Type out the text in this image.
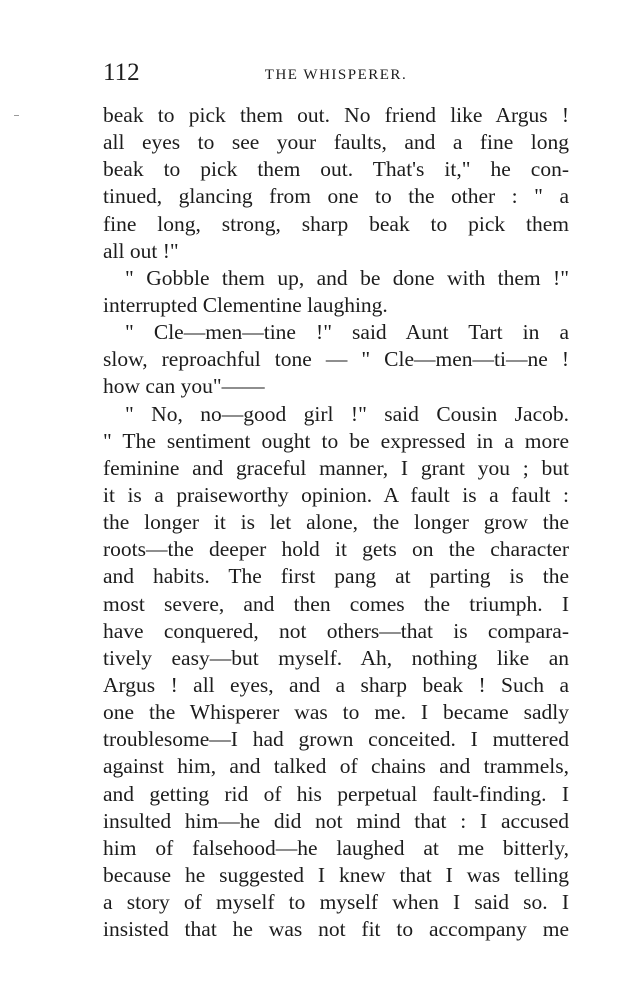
112	THE WHISPERER.
beak to pick them out. No friend like Argus !
all eyes to see your faults, and a fine long
beak to pick them out. That's it," he con-
tinued, glancing from one to the other : " a
fine long, strong, sharp beak to pick them
all out !"
" Gobble them up, and be done with them !"
interrupted Clementine laughing.
" Cle—men—tine !" said Aunt Tart in a
slow, reproachful tone — " Cle—men—ti—ne !
how can you"——
" No, no—good girl !" said Cousin Jacob.
" The sentiment ought to be expressed in a more
feminine and graceful manner, I grant you ; but
it is a praiseworthy opinion. A fault is a fault :
the longer it is let alone, the longer grow the
roots—the deeper hold it gets on the character
and habits. The first pang at parting is the
most severe, and then comes the triumph. I
have conquered, not others—that is compara-
tively easy—but myself. Ah, nothing like an
Argus ! all eyes, and a sharp beak ! Such a
one the Whisperer was to me. I became sadly
troublesome—I had grown conceited. I muttered
against him, and talked of chains and trammels,
and getting rid of his perpetual fault-finding. I
insulted him—he did not mind that : I accused
him of falsehood—he laughed at me bitterly,
because he suggested I knew that I was telling
a story of myself to myself when I said so. I
insisted that he was not fit to accompany me
